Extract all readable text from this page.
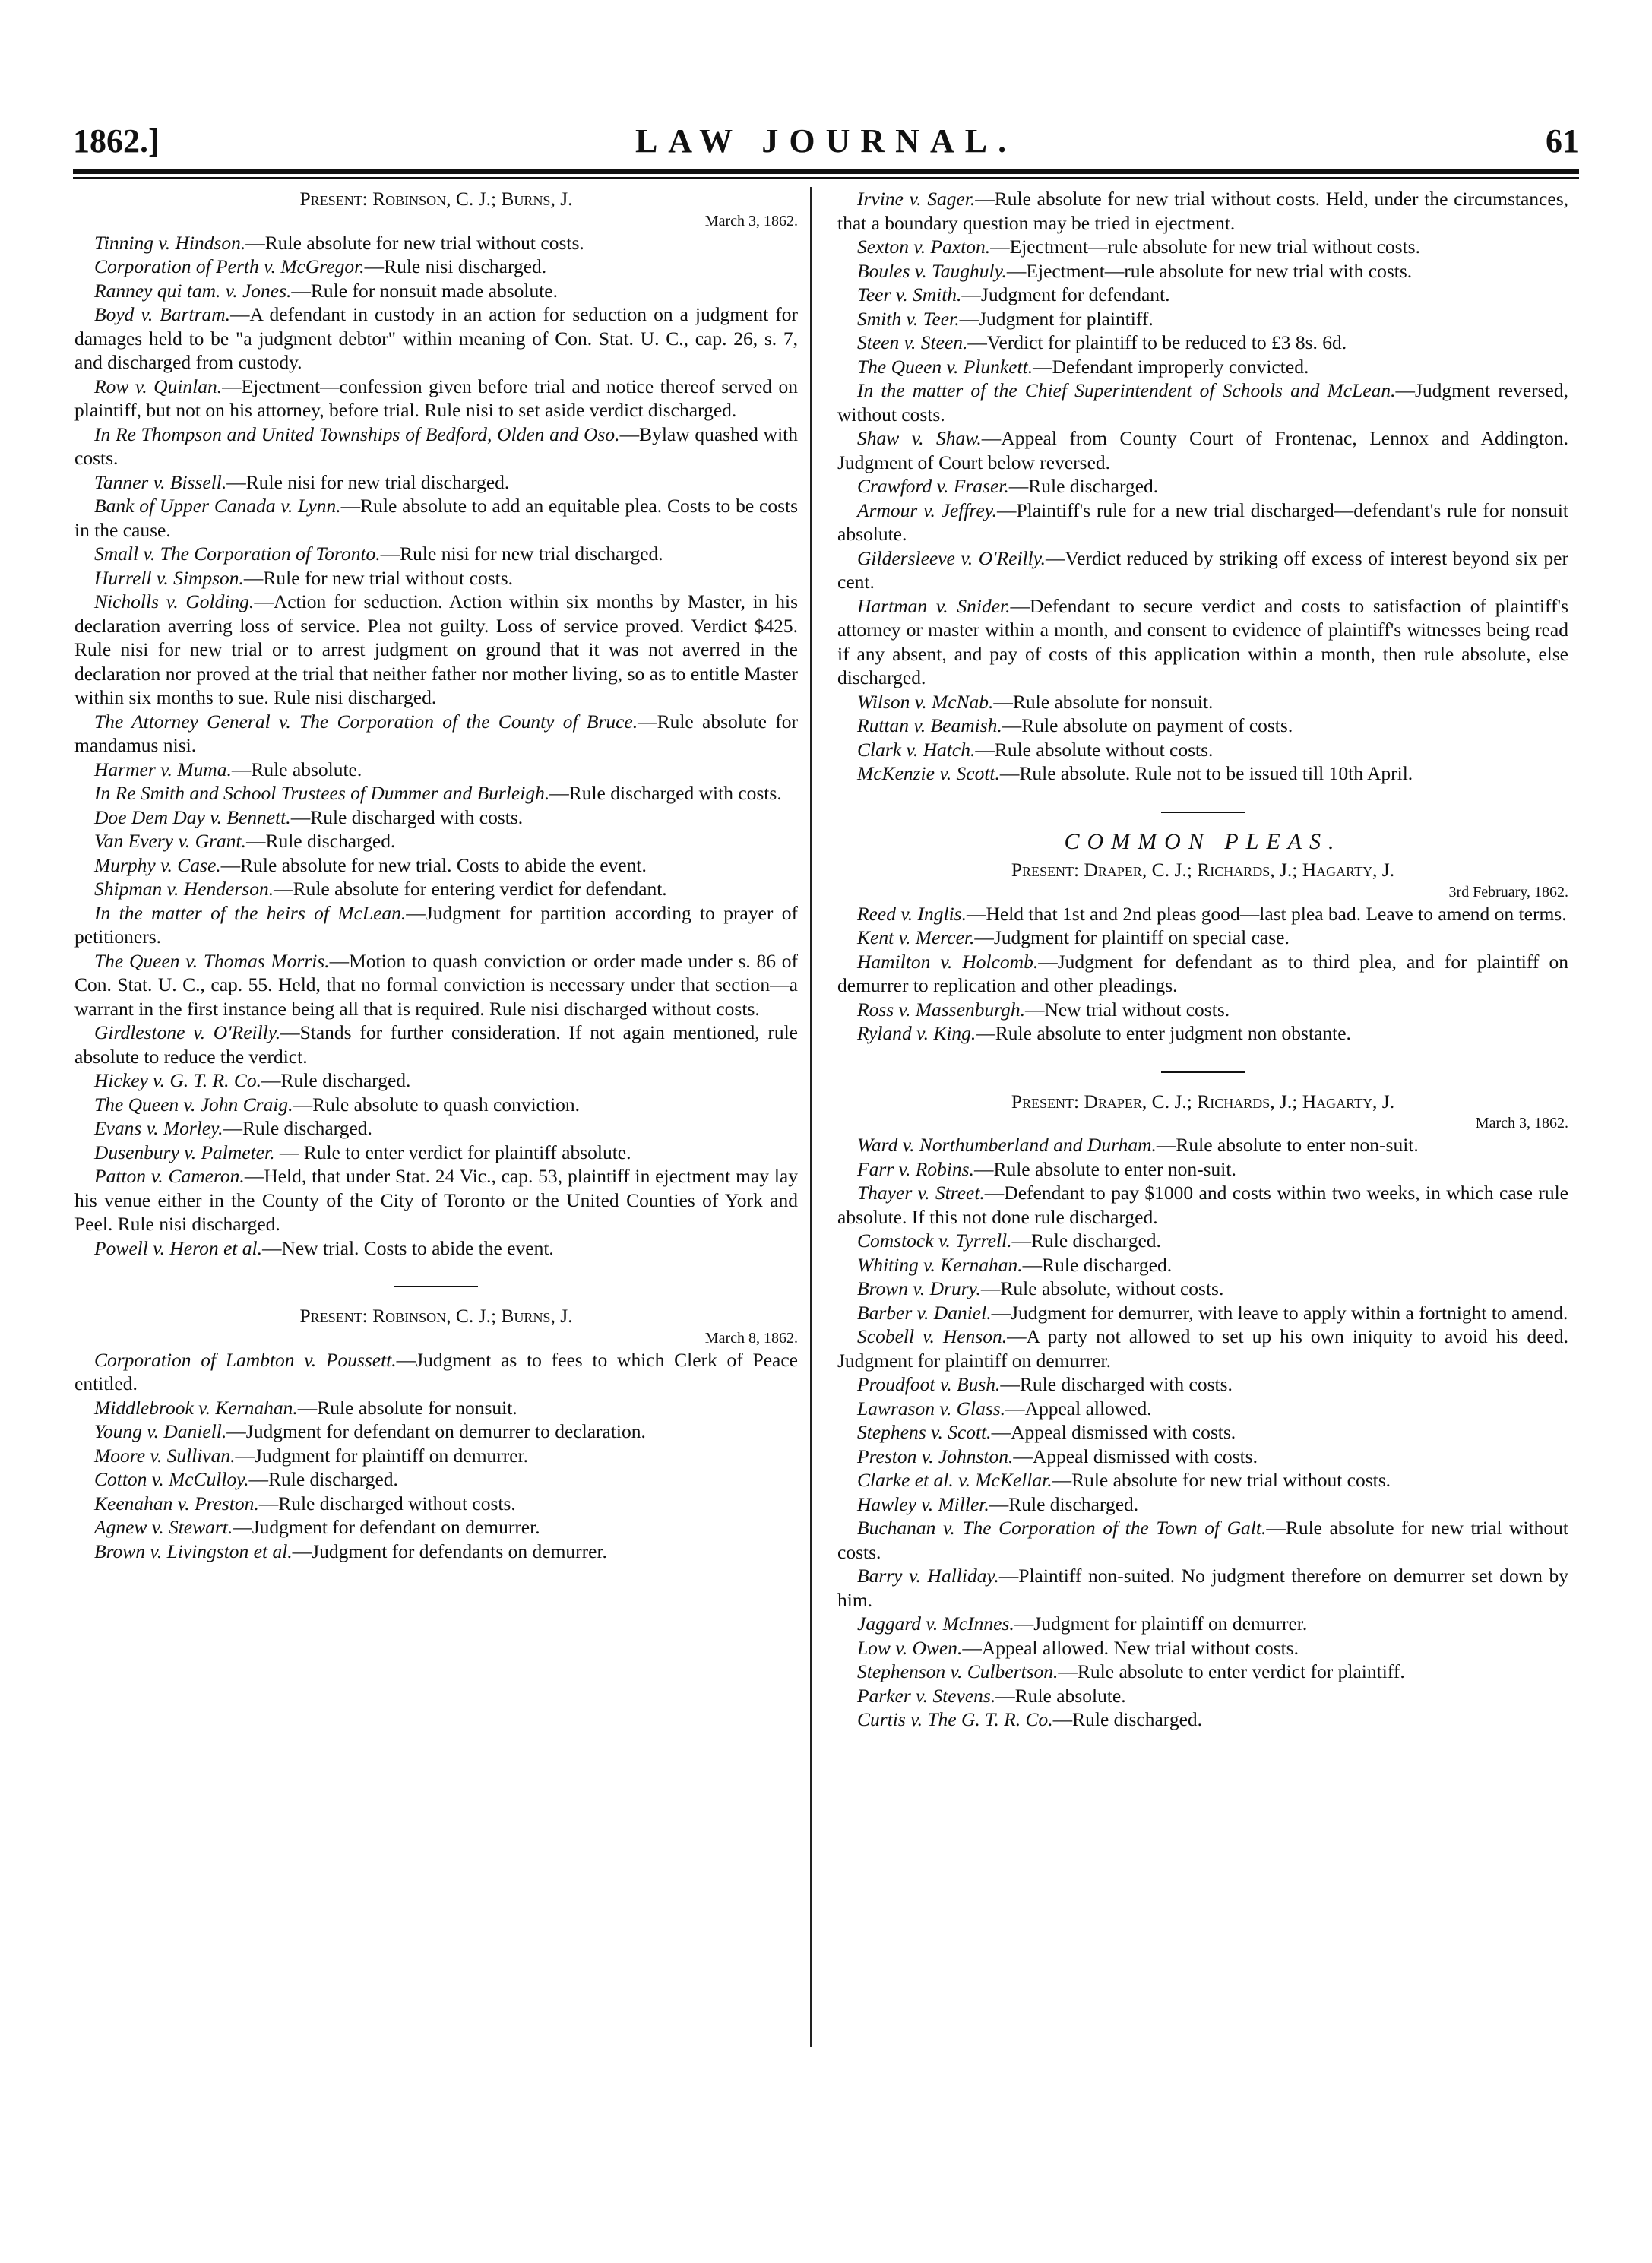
1862.]	LAW JOURNAL.	61

Present: Robinson, C. J.; Burns, J.

March 3, 1862.

Tinning v. Hindson.—Rule absolute for new trial without costs.

Corporation of Perth v. McGregor.—Rule nisi discharged.

Ranney qui tam. v. Jones.—Rule for nonsuit made absolute.

Boyd v. Bartram.—A defendant in custody in an action for seduction on a judgment for damages held to be "a judgment debtor" within meaning of Con. Stat. U. C., cap. 26, s. 7, and discharged from custody.

Row v. Quinlan.—Ejectment—confession given before trial and notice thereof served on plaintiff, but not on his attorney, before trial. Rule nisi to set aside verdict discharged.

In Re Thompson and United Townships of Bedford, Olden and Oso.—Bylaw quashed with costs.

Tanner v. Bissell.—Rule nisi for new trial discharged.

Bank of Upper Canada v. Lynn.—Rule absolute to add an equitable plea. Costs to be costs in the cause.

Small v. The Corporation of Toronto.—Rule nisi for new trial discharged.

Hurrell v. Simpson.—Rule for new trial without costs.

Nicholls v. Golding.—Action for seduction. Action within six months by Master, in his declaration averring loss of service. Plea not guilty. Loss of service proved. Verdict $425. Rule nisi for new trial or to arrest judgment on ground that it was not averred in the declaration nor proved at the trial that neither father nor mother living, so as to entitle Master within six months to sue. Rule nisi discharged.

The Attorney General v. The Corporation of the County of Bruce.—Rule absolute for mandamus nisi.

Harmer v. Muma.—Rule absolute.

In Re Smith and School Trustees of Dummer and Burleigh.—Rule discharged with costs.

Doe Dem Day v. Bennett.—Rule discharged with costs.

Van Every v. Grant.—Rule discharged.

Murphy v. Case.—Rule absolute for new trial. Costs to abide the event.

Shipman v. Henderson.—Rule absolute for entering verdict for defendant.

In the matter of the heirs of McLean.—Judgment for partition according to prayer of petitioners.

The Queen v. Thomas Morris.—Motion to quash conviction or order made under s. 86 of Con. Stat. U. C., cap. 55. Held, that no formal conviction is necessary under that section—a warrant in the first instance being all that is required. Rule nisi discharged without costs.

Girdlestone v. O'Reilly.—Stands for further consideration. If not again mentioned, rule absolute to reduce the verdict.

Hickey v. G. T. R. Co.—Rule discharged.

The Queen v. John Craig.—Rule absolute to quash conviction.

Evans v. Morley.—Rule discharged.

Dusenbury v. Palmeter. — Rule to enter verdict for plaintiff absolute.

Patton v. Cameron.—Held, that under Stat. 24 Vic., cap. 53, plaintiff in ejectment may lay his venue either in the County of the City of Toronto or the United Counties of York and Peel. Rule nisi discharged.

Powell v. Heron et al.—New trial. Costs to abide the event.

Present: Robinson, C. J.; Burns, J.

March 8, 1862.

Corporation of Lambton v. Poussett.—Judgment as to fees to which Clerk of Peace entitled.

Middlebrook v. Kernahan.—Rule absolute for nonsuit.

Young v. Daniell.—Judgment for defendant on demurrer to declaration.

Moore v. Sullivan.—Judgment for plaintiff on demurrer.

Cotton v. McCulloy.—Rule discharged.

Keenahan v. Preston.—Rule discharged without costs.

Agnew v. Stewart.—Judgment for defendant on demurrer.

Brown v. Livingston et al.—Judgment for defendants on demurrer.

Irvine v. Sager.—Rule absolute for new trial without costs. Held, under the circumstances, that a boundary question may be tried in ejectment.

Sexton v. Paxton.—Ejectment—rule absolute for new trial without costs.

Boules v. Taughuly.—Ejectment—rule absolute for new trial with costs.

Teer v. Smith.—Judgment for defendant.

Smith v. Teer.—Judgment for plaintiff.

Steen v. Steen.—Verdict for plaintiff to be reduced to £3 8s. 6d.

The Queen v. Plunkett.—Defendant improperly convicted.

In the matter of the Chief Superintendent of Schools and McLean.—Judgment reversed, without costs.

Shaw v. Shaw.—Appeal from County Court of Frontenac, Lennox and Addington. Judgment of Court below reversed.

Crawford v. Fraser.—Rule discharged.

Armour v. Jeffrey.—Plaintiff's rule for a new trial discharged—defendant's rule for nonsuit absolute.

Gildersleeve v. O'Reilly.—Verdict reduced by striking off excess of interest beyond six per cent.

Hartman v. Snider.—Defendant to secure verdict and costs to satisfaction of plaintiff's attorney or master within a month, and consent to evidence of plaintiff's witnesses being read if any absent, and pay of costs of this application within a month, then rule absolute, else discharged.

Wilson v. McNab.—Rule absolute for nonsuit.

Ruttan v. Beamish.—Rule absolute on payment of costs.

Clark v. Hatch.—Rule absolute without costs.

McKenzie v. Scott.—Rule absolute. Rule not to be issued till 10th April.

COMMON PLEAS.

Present: Draper, C. J.; Richards, J.; Hagarty, J.

3rd February, 1862.

Reed v. Inglis.—Held that 1st and 2nd pleas good—last plea bad. Leave to amend on terms.

Kent v. Mercer.—Judgment for plaintiff on special case.

Hamilton v. Holcomb.—Judgment for defendant as to third plea, and for plaintiff on demurrer to replication and other pleadings.

Ross v. Massenburgh.—New trial without costs.

Ryland v. King.—Rule absolute to enter judgment non obstante.

Present: Draper, C. J.; Richards, J.; Hagarty, J.

March 3, 1862.

Ward v. Northumberland and Durham.—Rule absolute to enter non-suit.

Farr v. Robins.—Rule absolute to enter non-suit.

Thayer v. Street.—Defendant to pay $1000 and costs within two weeks, in which case rule absolute. If this not done rule discharged.

Comstock v. Tyrrell.—Rule discharged.

Whiting v. Kernahan.—Rule discharged.

Brown v. Drury.—Rule absolute, without costs.

Barber v. Daniel.—Judgment for demurrer, with leave to apply within a fortnight to amend.

Scobell v. Henson.—A party not allowed to set up his own iniquity to avoid his deed. Judgment for plaintiff on demurrer.

Proudfoot v. Bush.—Rule discharged with costs.

Lawrason v. Glass.—Appeal allowed.

Stephens v. Scott.—Appeal dismissed with costs.

Preston v. Johnston.—Appeal dismissed with costs.

Clarke et al. v. McKellar.—Rule absolute for new trial without costs.

Hawley v. Miller.—Rule discharged.

Buchanan v. The Corporation of the Town of Galt.—Rule absolute for new trial without costs.

Barry v. Halliday.—Plaintiff non-suited. No judgment therefore on demurrer set down by him.

Jaggard v. McInnes.—Judgment for plaintiff on demurrer.

Low v. Owen.—Appeal allowed. New trial without costs.

Stephenson v. Culbertson.—Rule absolute to enter verdict for plaintiff.

Parker v. Stevens.—Rule absolute.

Curtis v. The G. T. R. Co.—Rule discharged.
